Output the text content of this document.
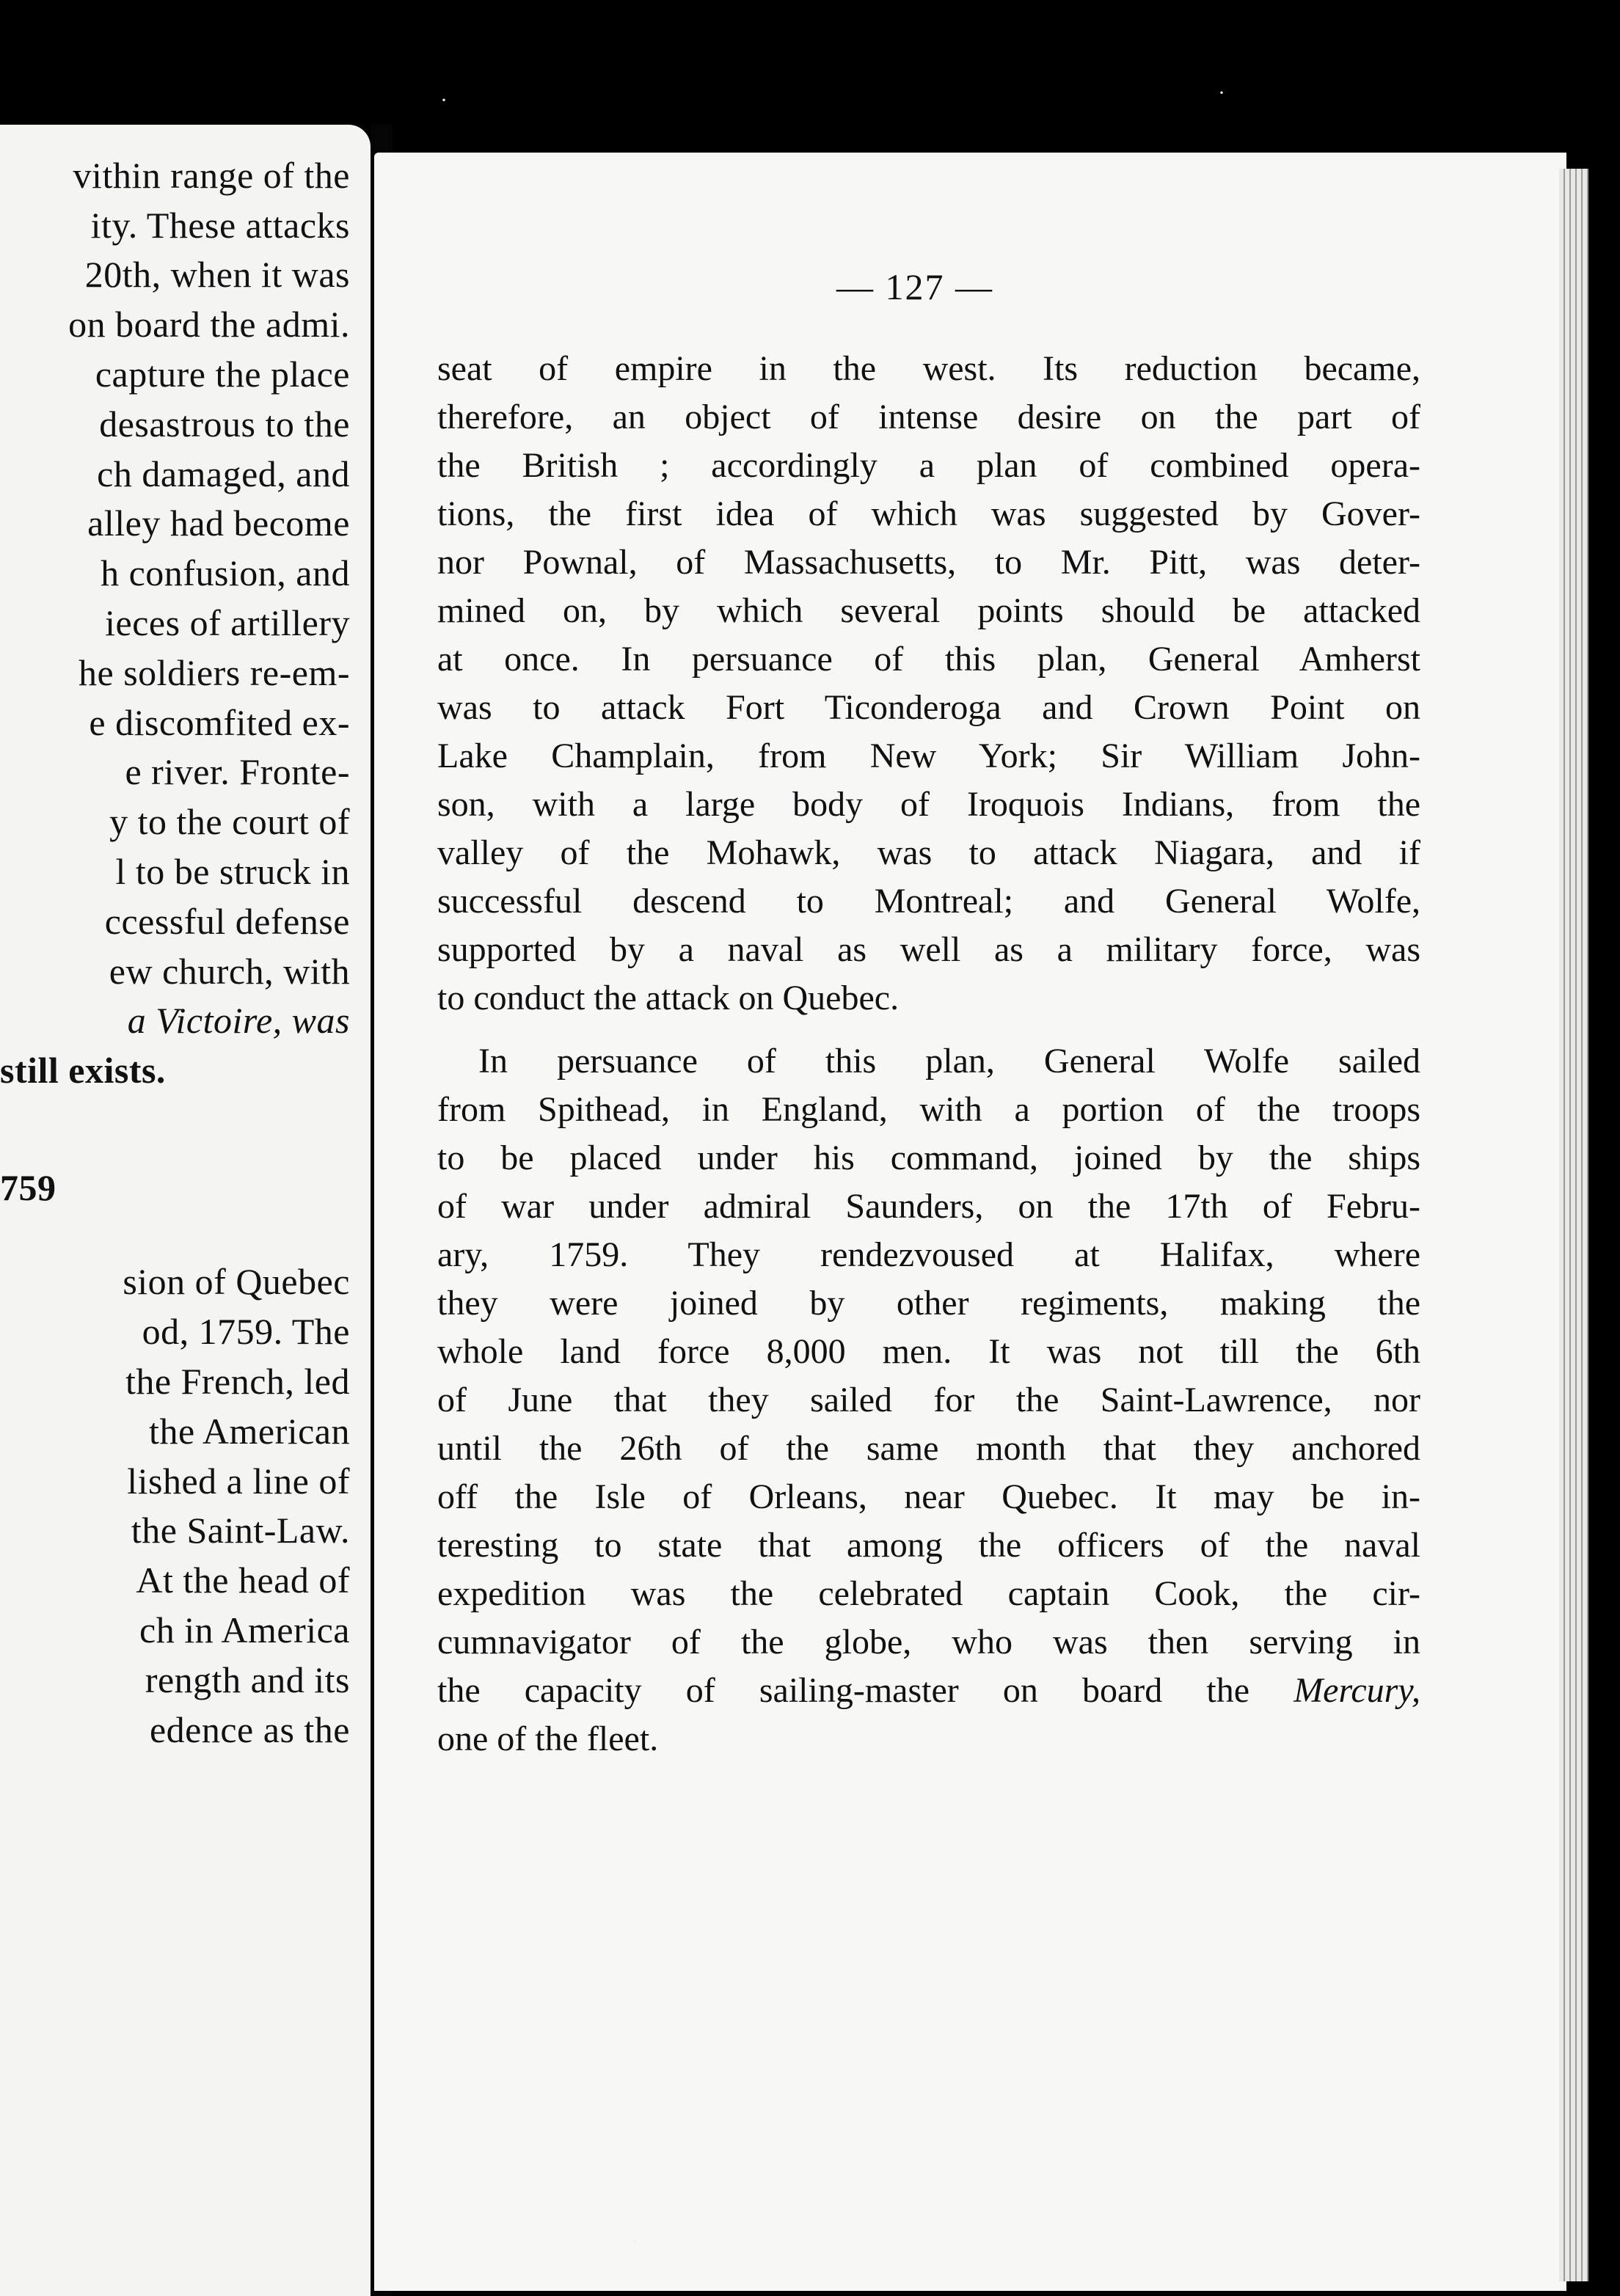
vithin range of the
ity. These attacks
20th, when it was
on board the admi.
capture the place
desastrous to the
ch damaged, and
alley had become
h confusion, and
ieces of artillery
he soldiers re-em-
e discomfited ex-
e river. Fronte-
y to the court of
l to be struck in
ccessful defense
ew church, with
a Victoire, was
still exists.
759
sion of Quebec
od, 1759. The
the French, led
the American
lished a line of
the Saint-Law.
At the head of
ch in America
rength and its
edence as the
— 127 —
seat of empire in the west. Its reduction became,
therefore, an object of intense desire on the part of
the British ; accordingly a plan of combined opera-
tions, the first idea of which was suggested by Gover-
nor Pownal, of Massachusetts, to Mr. Pitt, was deter-
mined on, by which several points should be attacked
at once. In persuance of this plan, General Amherst
was to attack Fort Ticonderoga and Crown Point on
Lake Champlain, from New York; Sir William John-
son, with a large body of Iroquois Indians, from the
valley of the Mohawk, was to attack Niagara, and if
successful descend to Montreal; and General Wolfe,
supported by a naval as well as a military force, was
to conduct the attack on Quebec.
In persuance of this plan, General Wolfe sailed
from Spithead, in England, with a portion of the troops
to be placed under his command, joined by the ships
of war under admiral Saunders, on the 17th of Febru-
ary, 1759. They rendezvoused at Halifax, where
they were joined by other regiments, making the
whole land force 8,000 men. It was not till the 6th
of June that they sailed for the Saint-Lawrence, nor
until the 26th of the same month that they anchored
off the Isle of Orleans, near Quebec. It may be in-
teresting to state that among the officers of the naval
expedition was the celebrated captain Cook, the cir-
cumnavigator of the globe, who was then serving in
the capacity of sailing-master on board the Mercury,
one of the fleet.
·	·
·
